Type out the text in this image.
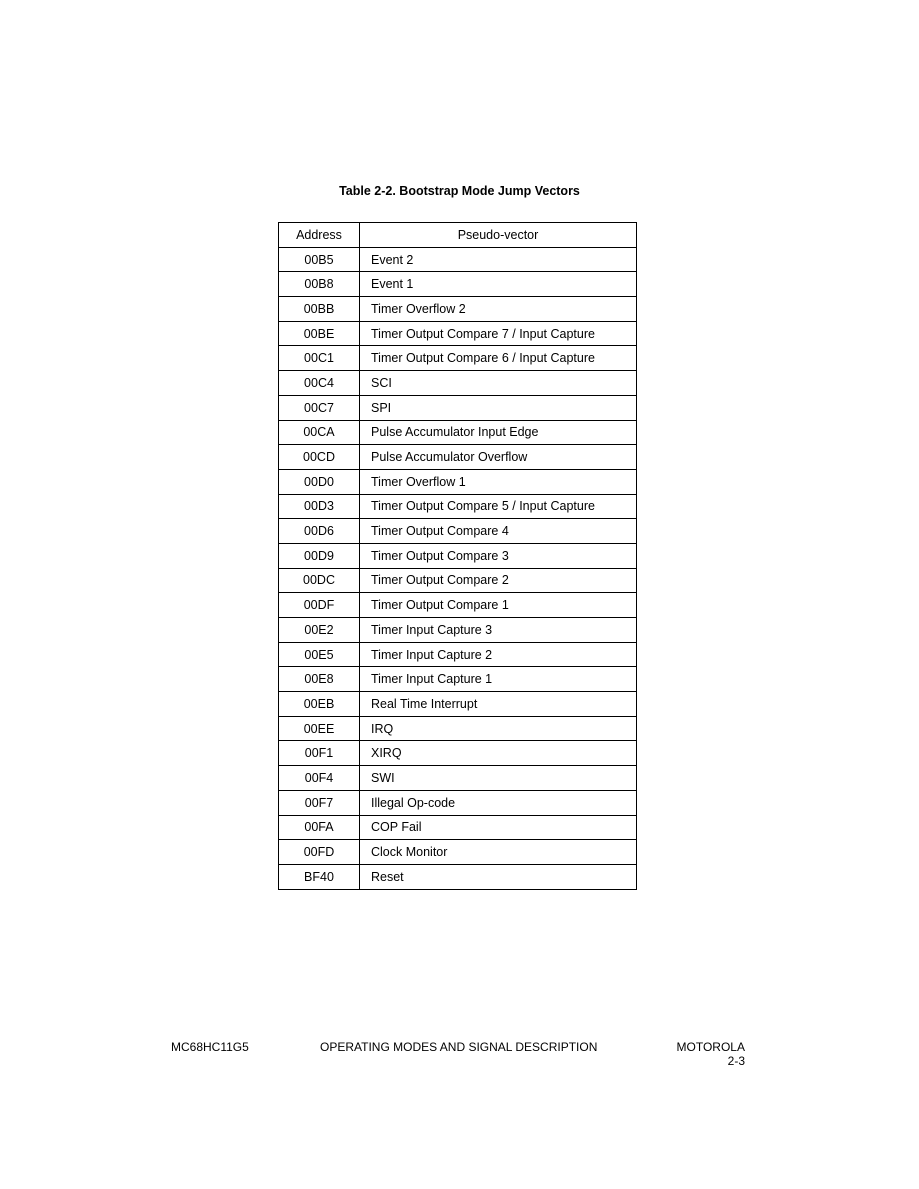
Table 2-2. Bootstrap Mode Jump Vectors
Address	Pseudo-vector
00B5	Event 2
00B8	Event 1
00BB	Timer Overflow 2
00BE	Timer Output Compare 7 / Input Capture
00C1	Timer Output Compare 6 / Input Capture
00C4	SCI
00C7	SPI
00CA	Pulse Accumulator Input Edge
00CD	Pulse Accumulator Overflow
00D0	Timer Overflow 1
00D3	Timer Output Compare 5 / Input Capture
00D6	Timer Output Compare 4
00D9	Timer Output Compare 3
00DC	Timer Output Compare 2
00DF	Timer Output Compare 1
00E2	Timer Input Capture 3
00E5	Timer Input Capture 2
00E8	Timer Input Capture 1
00EB	Real Time Interrupt
00EE	IRQ
00F1	XIRQ
00F4	SWI
00F7	Illegal Op-code
00FA	COP Fail
00FD	Clock Monitor
BF40	Reset
MC68HC11G5	OPERATING MODES AND SIGNAL DESCRIPTION	MOTOROLA
2-3
